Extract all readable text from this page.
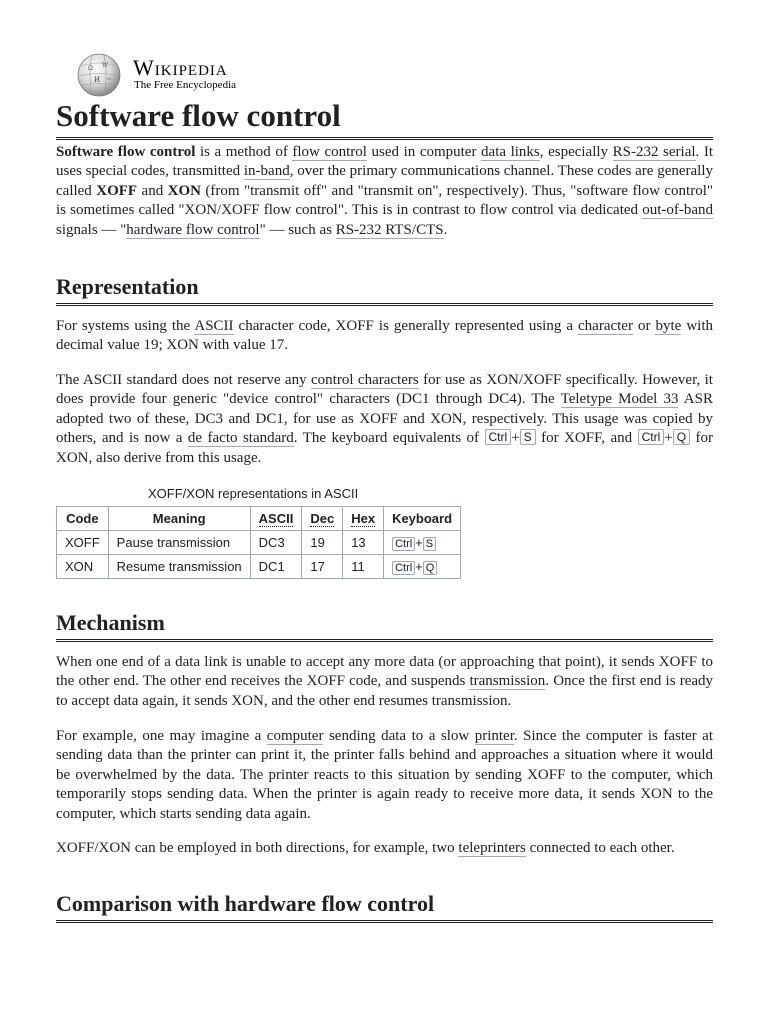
Ω W
И ω Wikipedia
The Free Encyclopedia
Software flow control

Software flow control is a method of flow control used in computer data links, especially RS-232 serial. It uses special codes, transmitted in-band, over the primary communications channel. These codes are generally called XOFF and XON (from "transmit off" and "transmit on", respectively). Thus, "software flow control" is sometimes called "XON/XOFF flow control". This is in contrast to flow control via dedicated out-of-band signals — "hardware flow control" — such as RS-232 RTS/CTS.

Representation

For systems using the ASCII character code, XOFF is generally represented using a character or byte with decimal value 19; XON with value 17.

The ASCII standard does not reserve any control characters for use as XON/XOFF specifically. However, it does provide four generic "device control" characters (DC1 through DC4). The Teletype Model 33 ASR adopted two of these, DC3 and DC1, for use as XOFF and XON, respectively. This usage was copied by others, and is now a de facto standard. The keyboard equivalents of Ctrl + S for XOFF, and Ctrl + Q for XON, also derive from this usage.

XOFF/XON representations in ASCII
Code	Meaning	ASCII	Dec	Hex	Keyboard
XOFF	Pause transmission	DC3	19	13	Ctrl + S
XON	Resume transmission	DC1	17	11	Ctrl + Q
Mechanism

When one end of a data link is unable to accept any more data (or approaching that point), it sends XOFF to the other end. The other end receives the XOFF code, and suspends transmission. Once the first end is ready to accept data again, it sends XON, and the other end resumes transmission.

For example, one may imagine a computer sending data to a slow printer. Since the computer is faster at sending data than the printer can print it, the printer falls behind and approaches a situation where it would be overwhelmed by the data. The printer reacts to this situation by sending XOFF to the computer, which temporarily stops sending data. When the printer is again ready to receive more data, it sends XON to the computer, which starts sending data again.

XOFF/XON can be employed in both directions, for example, two teleprinters connected to each other.

Comparison with hardware flow control
